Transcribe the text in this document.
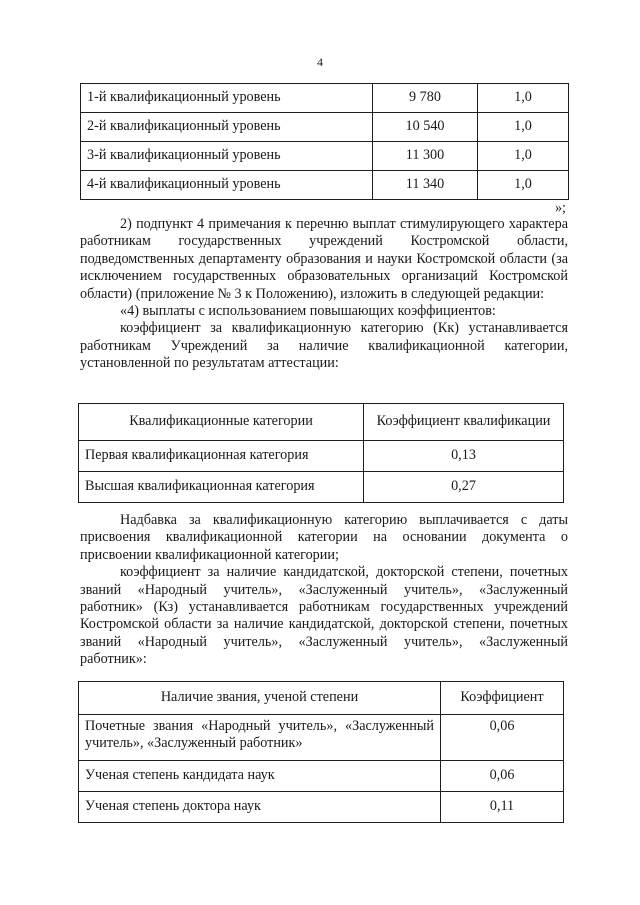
4
1-й квалификационный уровень	9 780	1,0
2-й квалификационный уровень	10 540	1,0
3-й квалификационный уровень	11 300	1,0
4-й квалификационный уровень	11 340	1,0
»;
2) подпункт 4 примечания к перечню выплат стимулирующего характера работникам государственных учреждений Костромской области, подведомственных департаменту образования и науки Костромской области (за исключением государственных образовательных организаций Костромской области) (приложение № 3 к Положению), изложить в следующей редакции:
«4) выплаты с использованием повышающих коэффициентов:
коэффициент за квалификационную категорию (Кк) устанавливается работникам Учреждений за наличие квалификационной категории, установленной по результатам аттестации:
Квалификационные категории	Коэффициент квалификации
Первая квалификационная категория	0,13
Высшая квалификационная категория	0,27
Надбавка за квалификационную категорию выплачивается с даты присвоения квалификационной категории на основании документа о присвоении квалификационной категории;
коэффициент за наличие кандидатской, докторской степени, почетных званий «Народный учитель», «Заслуженный учитель», «Заслуженный работник» (Кз) устанавливается работникам государственных учреждений Костромской области за наличие кандидатской, докторской степени, почетных званий «Народный учитель», «Заслуженный учитель», «Заслуженный работник»:
Наличие звания, ученой степени	Коэффициент
Почетные звания «Народный учитель», «Заслуженный учитель», «Заслуженный работник»	0,06
Ученая степень кандидата наук	0,06
Ученая степень доктора наук	0,11
